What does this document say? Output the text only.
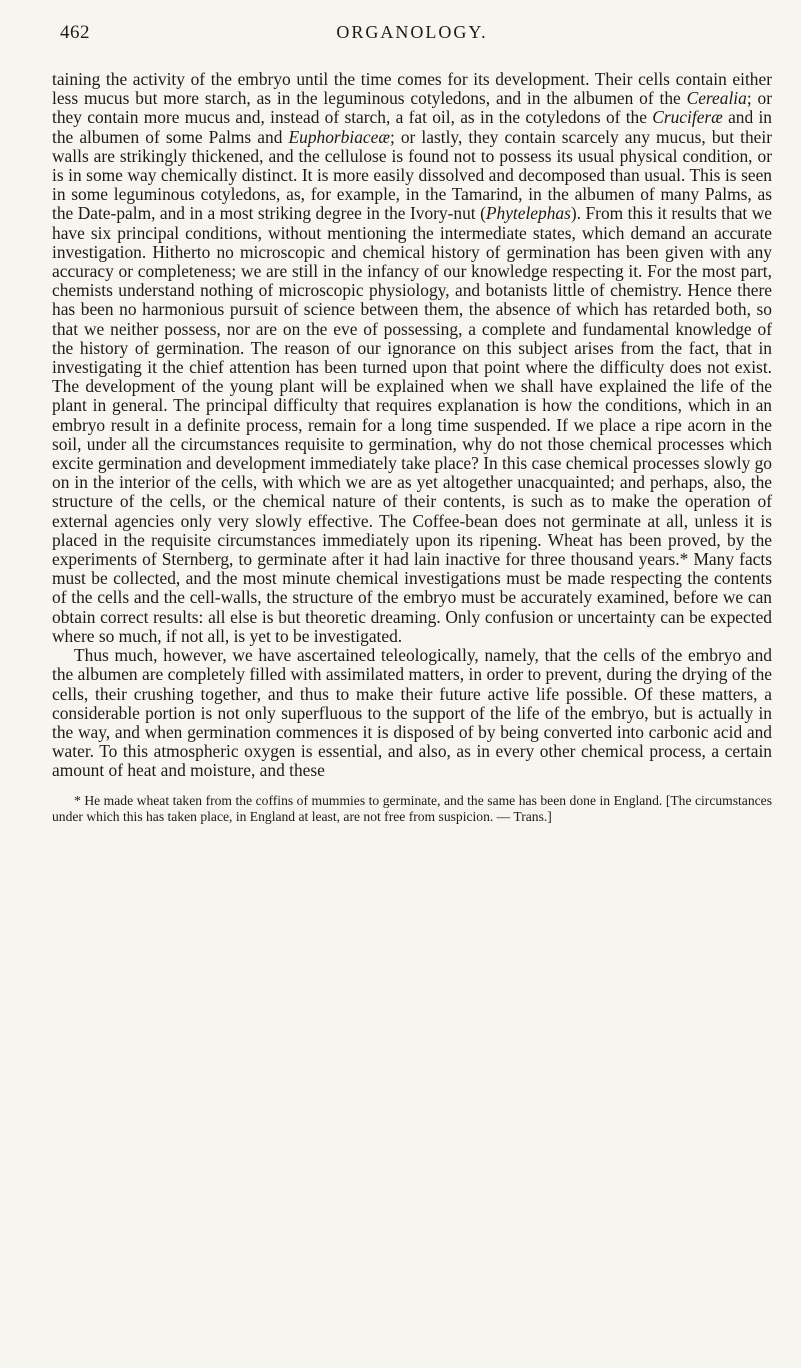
462	ORGANOLOGY.

taining the activity of the embryo until the time comes for its development. Their cells contain either less mucus but more starch, as in the leguminous cotyledons, and in the albumen of the Cerealia; or they contain more mucus and, instead of starch, a fat oil, as in the cotyledons of the Cruciferæ and in the albumen of some Palms and Euphorbiaceæ; or lastly, they contain scarcely any mucus, but their walls are strikingly thickened, and the cellulose is found not to possess its usual physical condition, or is in some way chemically distinct. It is more easily dissolved and decomposed than usual. This is seen in some leguminous cotyledons, as, for example, in the Tamarind, in the albumen of many Palms, as the Date-palm, and in a most striking degree in the Ivory-nut (Phytelephas). From this it results that we have six principal conditions, without mentioning the intermediate states, which demand an accurate investigation. Hitherto no microscopic and chemical history of germination has been given with any accuracy or completeness; we are still in the infancy of our knowledge respecting it. For the most part, chemists understand nothing of microscopic physiology, and botanists little of chemistry. Hence there has been no harmonious pursuit of science between them, the absence of which has retarded both, so that we neither possess, nor are on the eve of possessing, a complete and fundamental knowledge of the history of germination. The reason of our ignorance on this subject arises from the fact, that in investigating it the chief attention has been turned upon that point where the difficulty does not exist. The development of the young plant will be explained when we shall have explained the life of the plant in general. The principal difficulty that requires explanation is how the conditions, which in an embryo result in a definite process, remain for a long time suspended. If we place a ripe acorn in the soil, under all the circumstances requisite to germination, why do not those chemical processes which excite germination and development immediately take place? In this case chemical processes slowly go on in the interior of the cells, with which we are as yet altogether unacquainted; and perhaps, also, the structure of the cells, or the chemical nature of their contents, is such as to make the operation of external agencies only very slowly effective. The Coffee-bean does not germinate at all, unless it is placed in the requisite circumstances immediately upon its ripening. Wheat has been proved, by the experiments of Sternberg, to germinate after it had lain inactive for three thousand years.* Many facts must be collected, and the most minute chemical investigations must be made respecting the contents of the cells and the cell-walls, the structure of the embryo must be accurately examined, before we can obtain correct results: all else is but theoretic dreaming. Only confusion or uncertainty can be expected where so much, if not all, is yet to be investigated.

Thus much, however, we have ascertained teleologically, namely, that the cells of the embryo and the albumen are completely filled with assimilated matters, in order to prevent, during the drying of the cells, their crushing together, and thus to make their future active life possible. Of these matters, a considerable portion is not only superfluous to the support of the life of the embryo, but is actually in the way, and when germination commences it is disposed of by being converted into carbonic acid and water. To this atmospheric oxygen is essential, and also, as in every other chemical process, a certain amount of heat and moisture, and these

* He made wheat taken from the coffins of mummies to germinate, and the same has been done in England. [The circumstances under which this has taken place, in England at least, are not free from suspicion. — Trans.]
